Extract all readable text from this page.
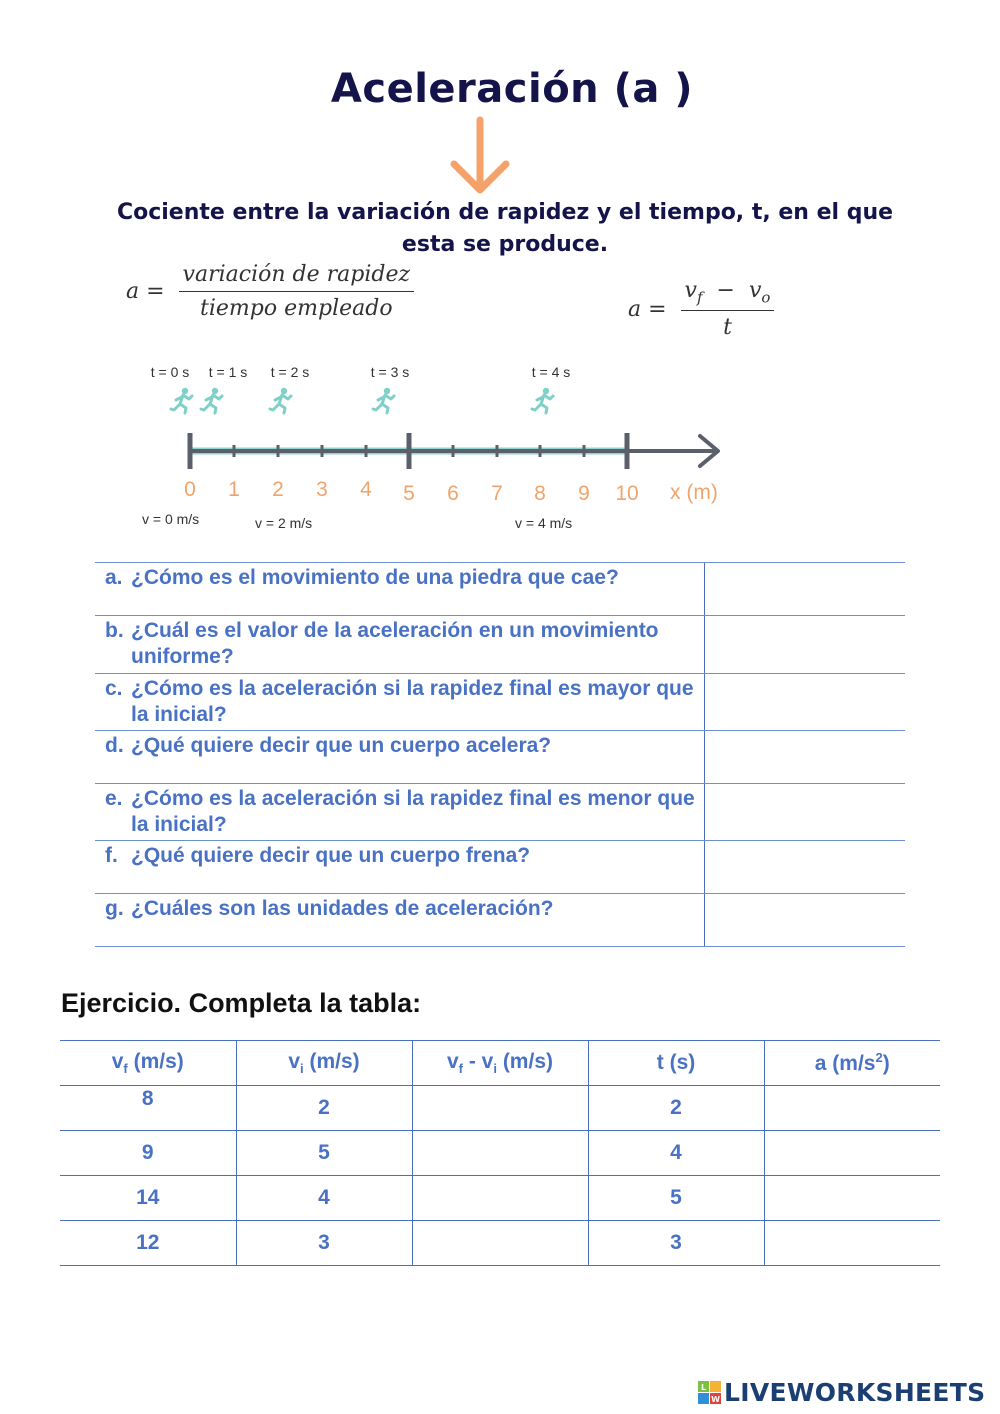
Aceleración (a )
Cociente entre la variación de rapidez y el tiempo, t, en el que esta se produce.
$a = \frac{\text{variación de rapidez}}{\text{tiempo empleado}}$	$a = \frac{v_f - v_o}{t}$
0 1 2 3 4 5 6 7 8 9 10 x (m)
t = 0 s t = 1 s t = 2 s	t = 3 s	t = 4 s
v = 0 m/s	v = 2 m/s	v = 4 m/s
a. ¿Cómo es el movimiento de una piedra que cae?	

b. ¿Cuál es el valor de la aceleración en un movimiento uniforme?	

c. ¿Cómo es la aceleración si la rapidez final es mayor que la inicial?	

d. ¿Qué quiere decir que un cuerpo acelera?	

e. ¿Cómo es la aceleración si la rapidez final es menor que la inicial?	

f. ¿Qué quiere decir que un cuerpo frena?	

g. ¿Cuáles son las unidades de aceleración?	

Ejercicio. Completa la tabla:
$v_f$ (m/s)	$v_i$ (m/s)	$v_f - v_i$ (m/s)	t (s)	a $(m/s^2)$
8	2		2	
9	5		4	
14	4		5	
12	3		3	
L
W LIVEWORKSHEETS
